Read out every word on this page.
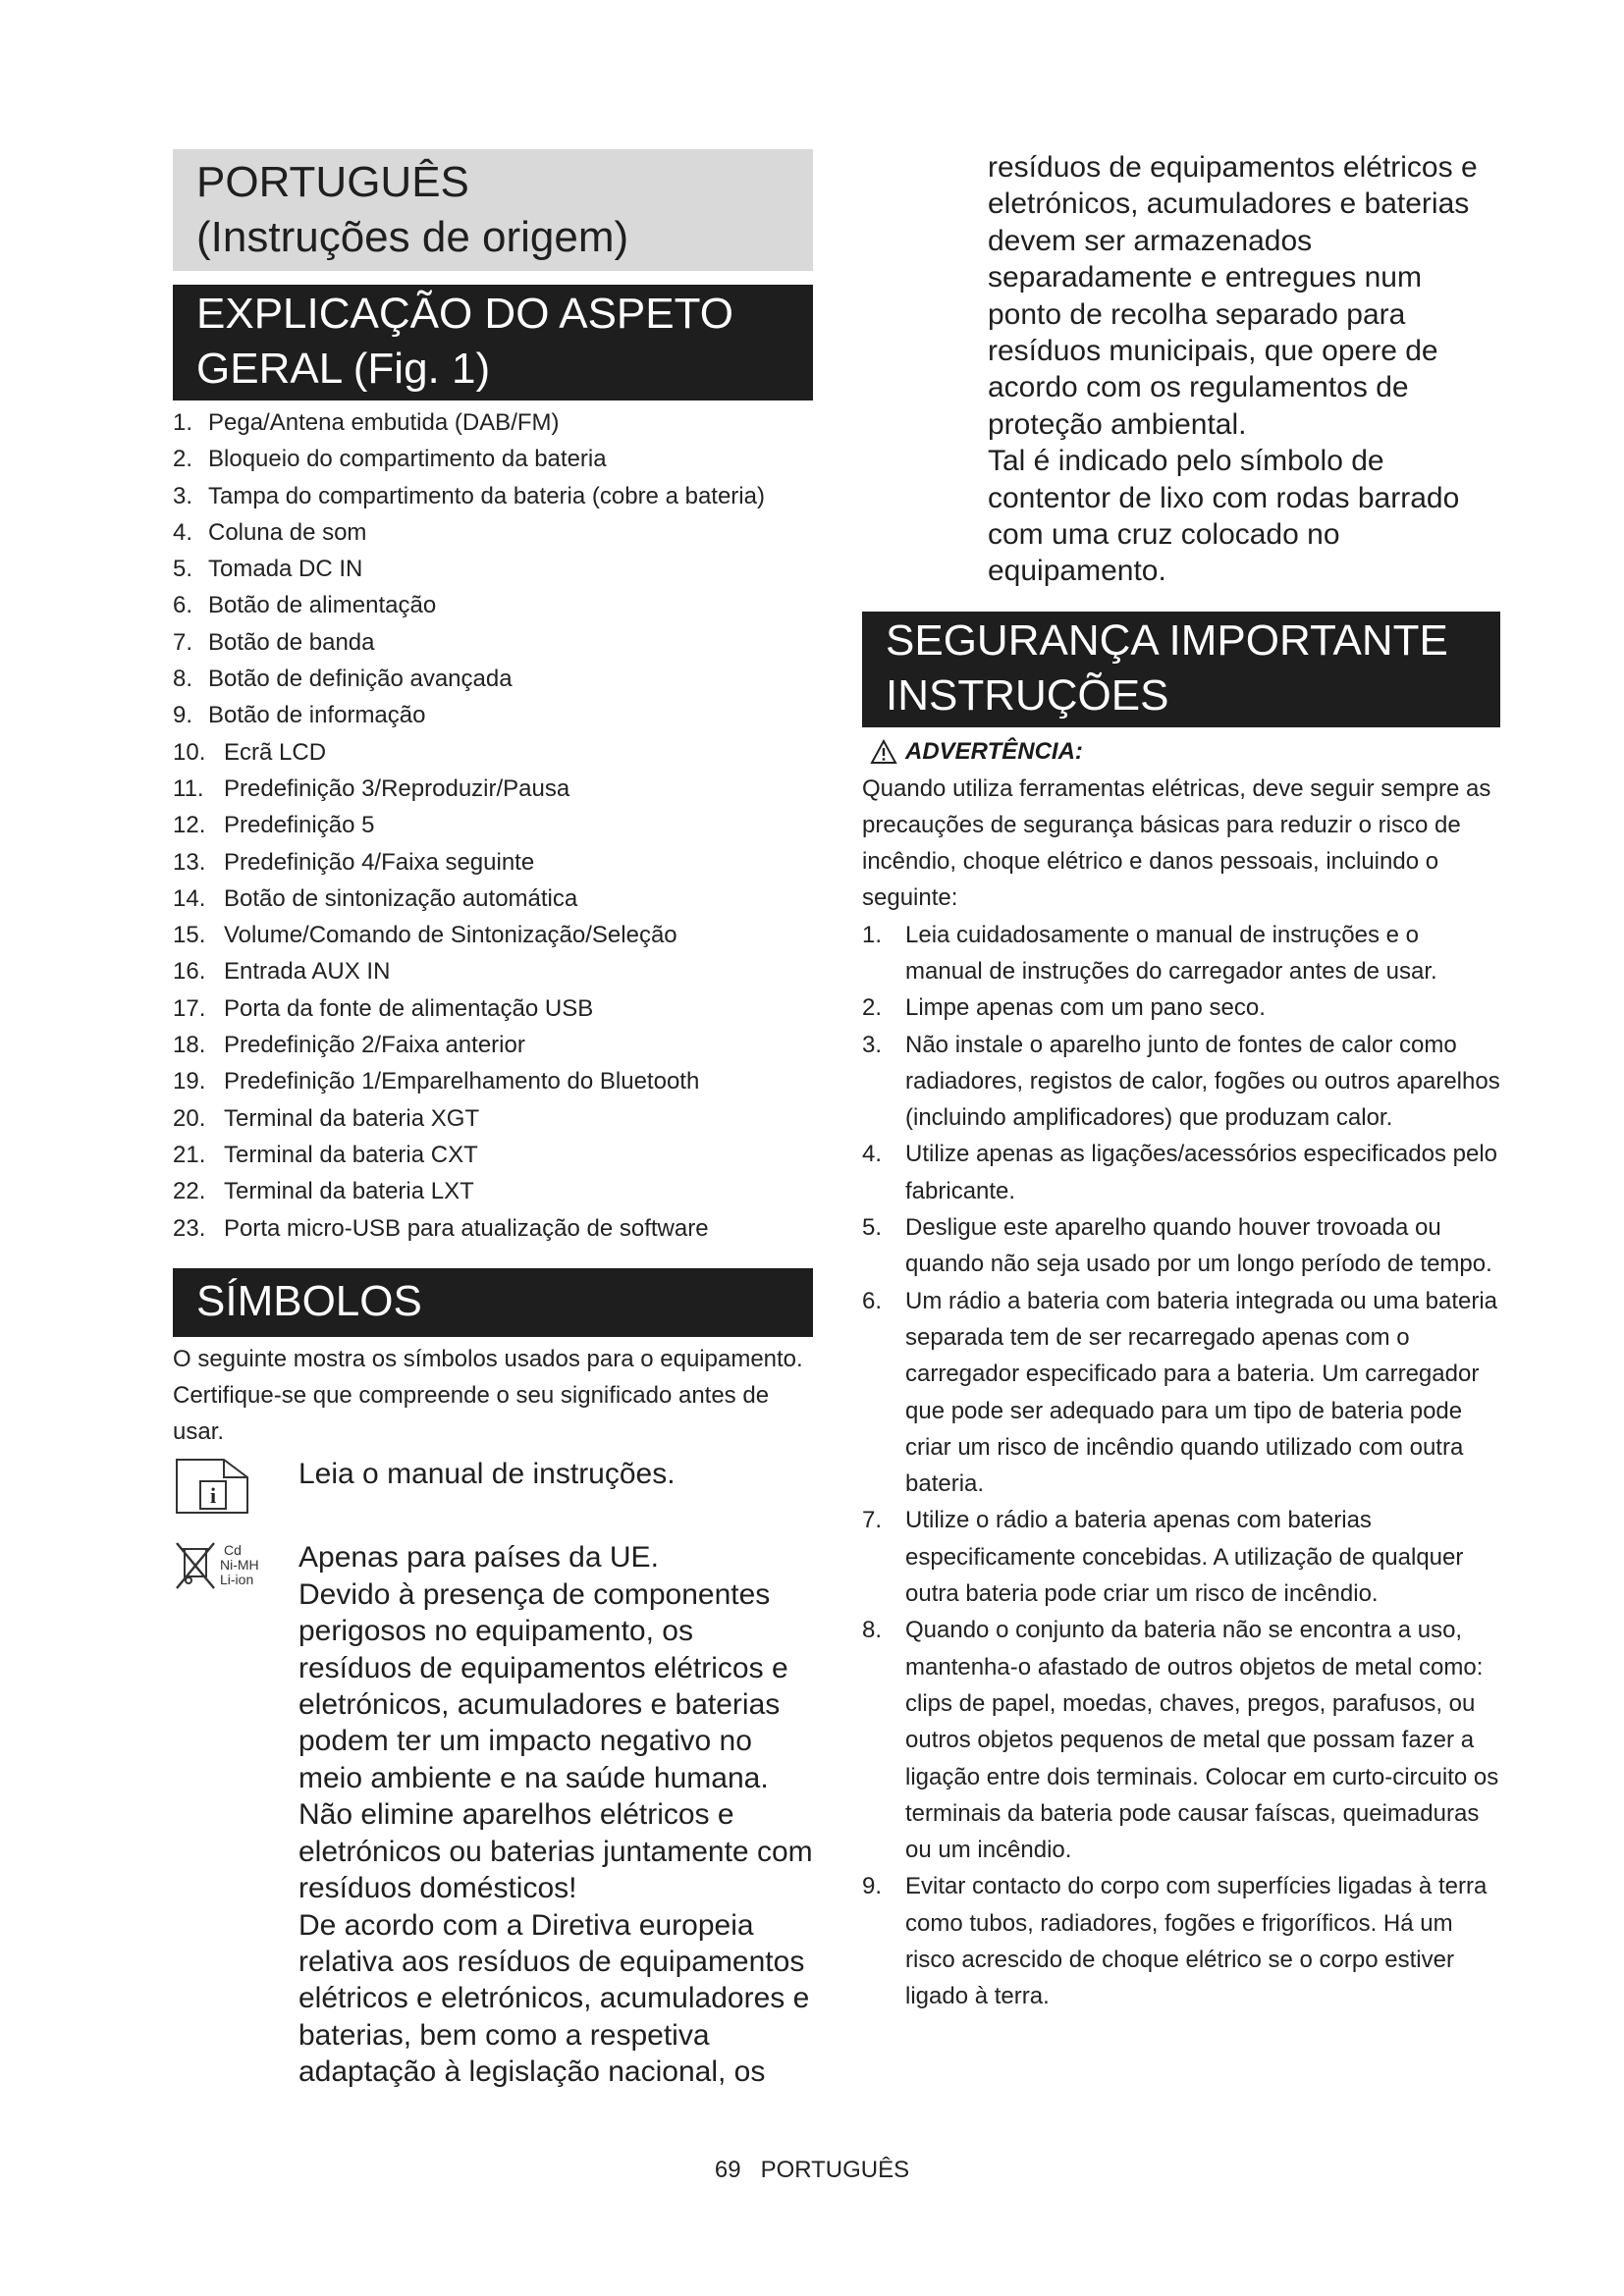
PORTUGUÊS
(Instruções de origem)
EXPLICAÇÃO DO ASPETO
GERAL (Fig. 1)
1. Pega/Antena embutida (DAB/FM)
2. Bloqueio do compartimento da bateria
3. Tampa do compartimento da bateria (cobre a bateria)
4. Coluna de som
5. Tomada DC IN
6. Botão de alimentação
7. Botão de banda
8. Botão de definição avançada
9. Botão de informação
10. Ecrã LCD
11. Predefinição 3/Reproduzir/Pausa
12. Predefinição 5
13. Predefinição 4/Faixa seguinte
14. Botão de sintonização automática
15. Volume/Comando de Sintonização/Seleção
16. Entrada AUX IN
17. Porta da fonte de alimentação USB
18. Predefinição 2/Faixa anterior
19. Predefinição 1/Emparelhamento do Bluetooth
20. Terminal da bateria XGT
21. Terminal da bateria CXT
22. Terminal da bateria LXT
23. Porta micro-USB para atualização de software
SÍMBOLOS

O seguinte mostra os símbolos usados para o equipamento. Certifique-se que compreende o seu significado antes de usar.

i
Leia o manual de instruções.
Cd
Ni-MH
Li-ion

Apenas para países da UE.

Devido à presença de componentes perigosos no equipamento, os resíduos de equipamentos elétricos e eletrónicos, acumuladores e baterias podem ter um impacto negativo no meio ambiente e na saúde humana.

Não elimine aparelhos elétricos e eletrónicos ou baterias juntamente com resíduos domésticos!

De acordo com a Diretiva europeia relativa aos resíduos de equipamentos elétricos e eletrónicos, acumuladores e baterias, bem como a respetiva adaptação à legislação nacional, os

resíduos de equipamentos elétricos e eletrónicos, acumuladores e baterias devem ser armazenados separadamente e entregues num ponto de recolha separado para resíduos municipais, que opere de acordo com os regulamentos de proteção ambiental.
Tal é indicado pelo símbolo de contentor de lixo com rodas barrado com uma cruz colocado no equipamento.
SEGURANÇA IMPORTANTE
INSTRUÇÕES
ADVERTÊNCIA:

Quando utiliza ferramentas elétricas, deve seguir sempre as precauções de segurança básicas para reduzir o risco de incêndio, choque elétrico e danos pessoais, incluindo o seguinte:

1. Leia cuidadosamente o manual de instruções e o manual de instruções do carregador antes de usar.
2. Limpe apenas com um pano seco.
3. Não instale o aparelho junto de fontes de calor como radiadores, registos de calor, fogões ou outros aparelhos (incluindo amplificadores) que produzam calor.
4. Utilize apenas as ligações/acessórios especificados pelo fabricante.
5. Desligue este aparelho quando houver trovoada ou quando não seja usado por um longo período de tempo.
6. Um rádio a bateria com bateria integrada ou uma bateria separada tem de ser recarregado apenas com o carregador especificado para a bateria. Um carregador que pode ser adequado para um tipo de bateria pode criar um risco de incêndio quando utilizado com outra bateria.
7. Utilize o rádio a bateria apenas com baterias especificamente concebidas. A utilização de qualquer outra bateria pode criar um risco de incêndio.
8. Quando o conjunto da bateria não se encontra a uso, mantenha-o afastado de outros objetos de metal como: clips de papel, moedas, chaves, pregos, parafusos, ou outros objetos pequenos de metal que possam fazer a ligação entre dois terminais. Colocar em curto-circuito os terminais da bateria pode causar faíscas, queimaduras ou um incêndio.
9. Evitar contacto do corpo com superfícies ligadas à terra como tubos, radiadores, fogões e frigoríficos. Há um risco acrescido de choque elétrico se o corpo estiver ligado à terra.
69 PORTUGUÊS
